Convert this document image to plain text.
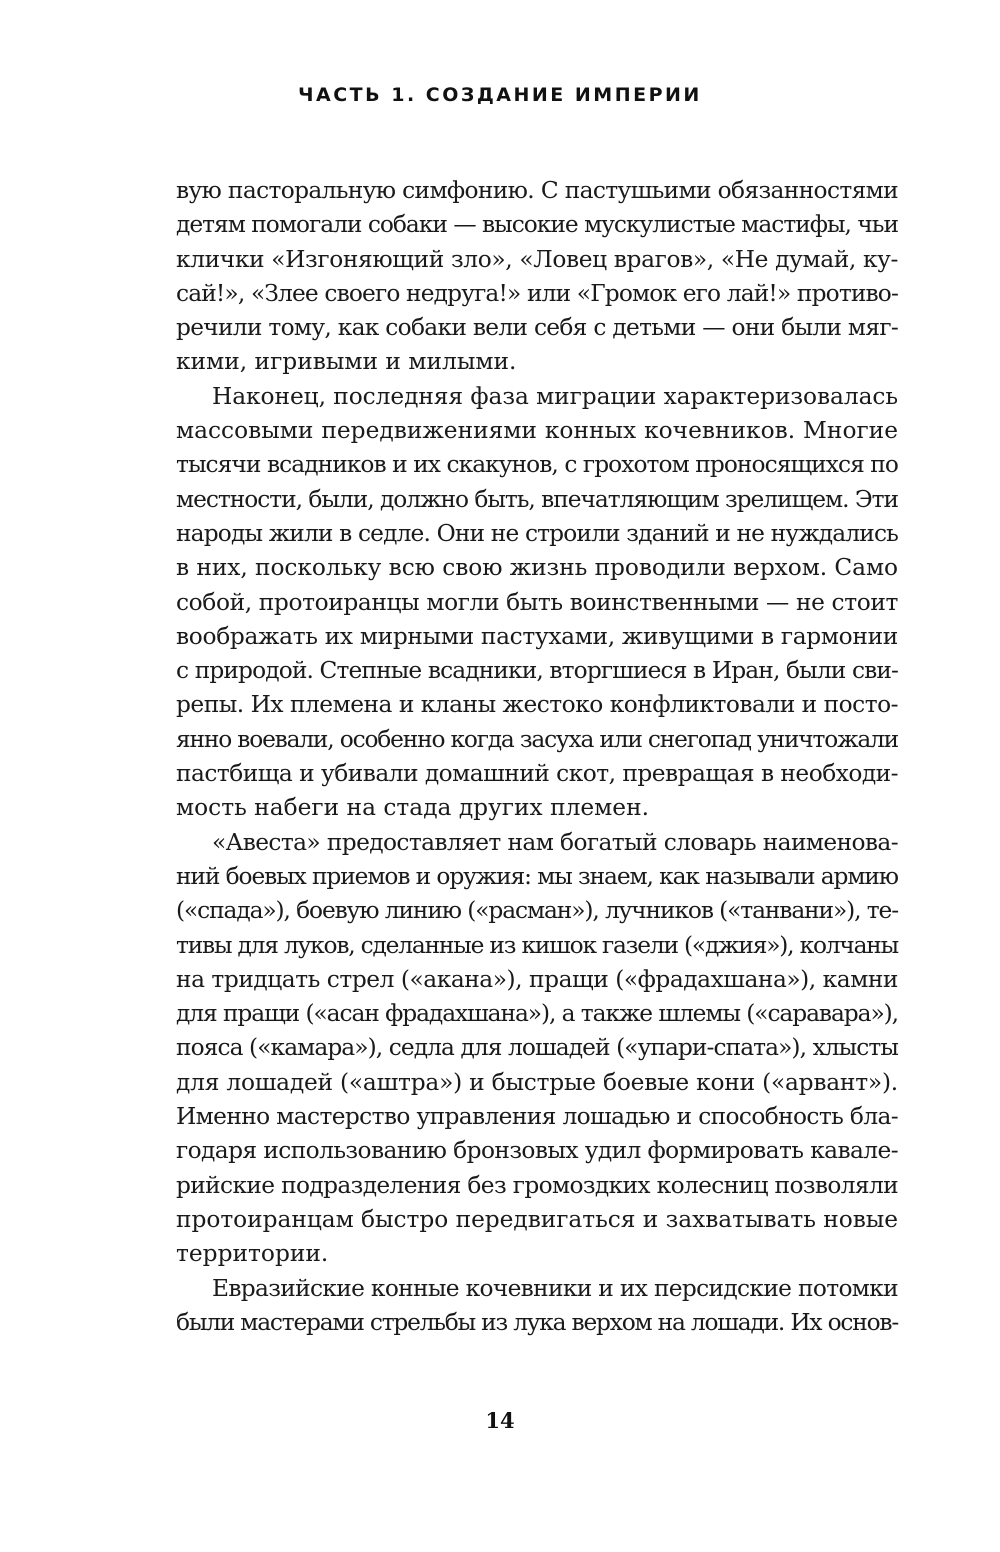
ЧАСТЬ 1. СОЗДАНИЕ ИМПЕРИИ
вую пасторальную симфонию. С пастушьими обязанностями
детям помогали собаки — высокие мускулистые мастифы, чьи
клички «Изгоняющий зло», «Ловец врагов», «Не думай, ку-
сай!», «Злее своего недруга!» или «Громок его лай!» противо-
речили тому, как собаки вели себя с детьми — они были мяг-
кими, игривыми и милыми.
Наконец, последняя фаза миграции характеризовалась
массовыми передвижениями конных кочевников. Многие
тысячи всадников и их скакунов, с грохотом проносящихся по
местности, были, должно быть, впечатляющим зрелищем. Эти
народы жили в седле. Они не строили зданий и не нуждались
в них, поскольку всю свою жизнь проводили верхом. Само
собой, протоиранцы могли быть воинственными — не стоит
воображать их мирными пастухами, живущими в гармонии
с природой. Степные всадники, вторгшиеся в Иран, были сви-
репы. Их племена и кланы жестоко конфликтовали и посто-
янно воевали, особенно когда засуха или снегопад уничтожали
пастбища и убивали домашний скот, превращая в необходи-
мость набеги на стада других племен.
«Авеста» предоставляет нам богатый словарь наименова-
ний боевых приемов и оружия: мы знаем, как называли армию
(«спада»), боевую линию («расман»), лучников («танвани»), те-
тивы для луков, сделанные из кишок газели («джия»), колчаны
на тридцать стрел («акана»), пращи («фрадахшана»), камни
для пращи («асан фрадахшана»), а также шлемы («саравара»),
пояса («камара»), седла для лошадей («упари-спата»), хлысты
для лошадей («аштра») и быстрые боевые кони («арвант»).
Именно мастерство управления лошадью и способность бла-
годаря использованию бронзовых удил формировать кавале-
рийские подразделения без громоздких колесниц позволяли
протоиранцам быстро передвигаться и захватывать новые
территории.
Евразийские конные кочевники и их персидские потомки
были мастерами стрельбы из лука верхом на лошади. Их основ-
14
